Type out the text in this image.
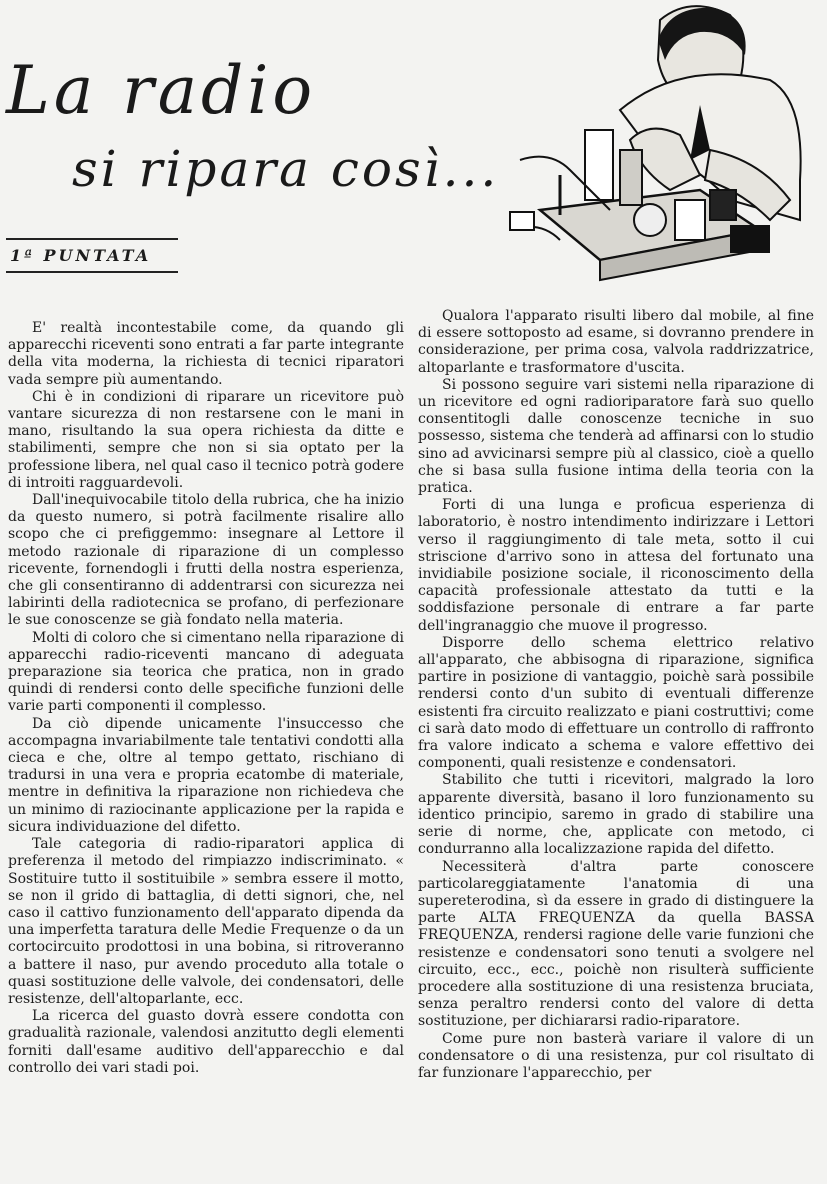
La radio
si ripara così...
1ª PUNTATA

E' realtà incontestabile come, da quando gli apparecchi riceventi sono entrati a far parte integrante della vita moderna, la richiesta di tecnici riparatori vada sempre più aumentando.

Chi è in condizioni di riparare un ricevitore può vantare sicurezza di non restarsene con le mani in mano, risultando la sua opera richiesta da ditte e stabilimenti, sempre che non si sia optato per la professione libera, nel qual caso il tecnico potrà godere di introiti ragguardevoli.

Dall'inequivocabile titolo della rubrica, che ha inizio da questo numero, si potrà facilmente risalire allo scopo che ci prefiggemmo: insegnare al Lettore il metodo razionale di riparazione di un complesso ricevente, fornendogli i frutti della nostra esperienza, che gli consentiranno di addentrarsi con sicurezza nei labirinti della radiotecnica se profano, di perfezionare le sue conoscenze se già fondato nella materia.

Molti di coloro che si cimentano nella riparazione di apparecchi radio-riceventi mancano di adeguata preparazione sia teorica che pratica, non in grado quindi di rendersi conto delle specifiche funzioni delle varie parti componenti il complesso.

Da ciò dipende unicamente l'insuccesso che accompagna invariabilmente tale tentativi condotti alla cieca e che, oltre al tempo gettato, rischiano di tradursi in una vera e propria ecatombe di materiale, mentre in definitiva la riparazione non richiedeva che un minimo di raziocinante applicazione per la rapida e sicura individuazione del difetto.

Tale categoria di radio-riparatori applica di preferenza il metodo del rimpiazzo indiscriminato. « Sostituire tutto il sostituibile » sembra essere il motto, se non il grido di battaglia, di detti signori, che, nel caso il cattivo funzionamento dell'apparato dipenda da una imperfetta taratura delle Medie Frequenze o da un cortocircuito prodottosi in una bobina, si ritroveranno a battere il naso, pur avendo proceduto alla totale o quasi sostituzione delle valvole, dei condensatori, delle resistenze, dell'altoparlante, ecc.

La ricerca del guasto dovrà essere condotta con gradualità razionale, valendosi anzitutto degli elementi forniti dall'esame auditivo dell'apparecchio e dal controllo dei vari stadi poi.

Qualora l'apparato risulti libero dal mobile, al fine di essere sottoposto ad esame, si dovranno prendere in considerazione, per prima cosa, valvola raddrizzatrice, altoparlante e trasformatore d'uscita.

Si possono seguire vari sistemi nella riparazione di un ricevitore ed ogni radioriparatore farà suo quello consentitogli dalle conoscenze tecniche in suo possesso, sistema che tenderà ad affinarsi con lo studio sino ad avvicinarsi sempre più al classico, cioè a quello che si basa sulla fusione intima della teoria con la pratica.

Forti di una lunga e proficua esperienza di laboratorio, è nostro intendimento indirizzare i Lettori verso il raggiungimento di tale meta, sotto il cui striscione d'arrivo sono in attesa del fortunato una invidiabile posizione sociale, il riconoscimento della capacità professionale attestato da tutti e la soddisfazione personale di entrare a far parte dell'ingranaggio che muove il progresso.

Disporre dello schema elettrico relativo all'apparato, che abbisogna di riparazione, significa partire in posizione di vantaggio, poichè sarà possibile rendersi conto d'un subito di eventuali differenze esistenti fra circuito realizzato e piani costruttivi; come ci sarà dato modo di effettuare un controllo di raffronto fra valore indicato a schema e valore effettivo dei componenti, quali resistenze e condensatori.

Stabilito che tutti i ricevitori, malgrado la loro apparente diversità, basano il loro funzionamento su identico principio, saremo in grado di stabilire una serie di norme, che, applicate con metodo, ci condurranno alla localizzazione rapida del difetto.

Necessiterà d'altra parte conoscere particolareggiatamente l'anatomia di una supereterodina, sì da essere in grado di distinguere la parte ALTA FREQUENZA da quella BASSA FREQUENZA, rendersi ragione delle varie funzioni che resistenze e condensatori sono tenuti a svolgere nel circuito, ecc., ecc., poichè non risulterà sufficiente procedere alla sostituzione di una resistenza bruciata, senza peraltro rendersi conto del valore di detta sostituzione, per dichiararsi radio-riparatore.

Come pure non basterà variare il valore di un condensatore o di una resistenza, pur col risultato di far funzionare l'apparecchio, per
